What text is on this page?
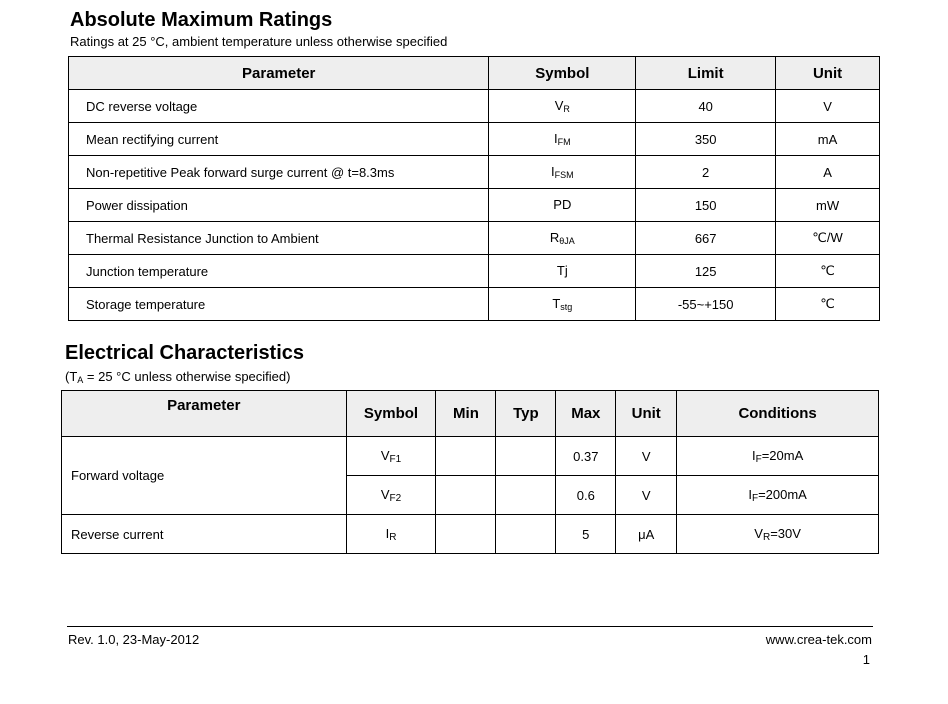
Absolute Maximum Ratings
Ratings at 25 °C, ambient temperature unless otherwise specified
Parameter	Symbol	Limit	Unit
DC reverse voltage	$V_R$	40	V
Mean rectifying current	$I_{FM}$	350	mA
Non-repetitive Peak forward surge current @ t=8.3ms	$I_{FSM}$	2	A
Power dissipation	PD	150	mW
Thermal Resistance Junction to Ambient	$R_{\theta JA}$	667	℃/W
Junction temperature	Tj	125	℃
Storage temperature	$T_{stg}$	-55~+150	℃
Electrical Characteristics
($T_A = 25$ °C unless otherwise specified)
Parameter	Symbol	Min	Typ	Max	Unit	Conditions
Forward voltage	$V_{F1}$			0.37	V	$I_F=20mA$
	$V_{F2}$			0.6	V	$I_F=200mA$
Reverse current	$I_R$			5	μA	$V_R=30V$
Rev. 1.0, 23-May-2012	www.crea-tek.com
1
